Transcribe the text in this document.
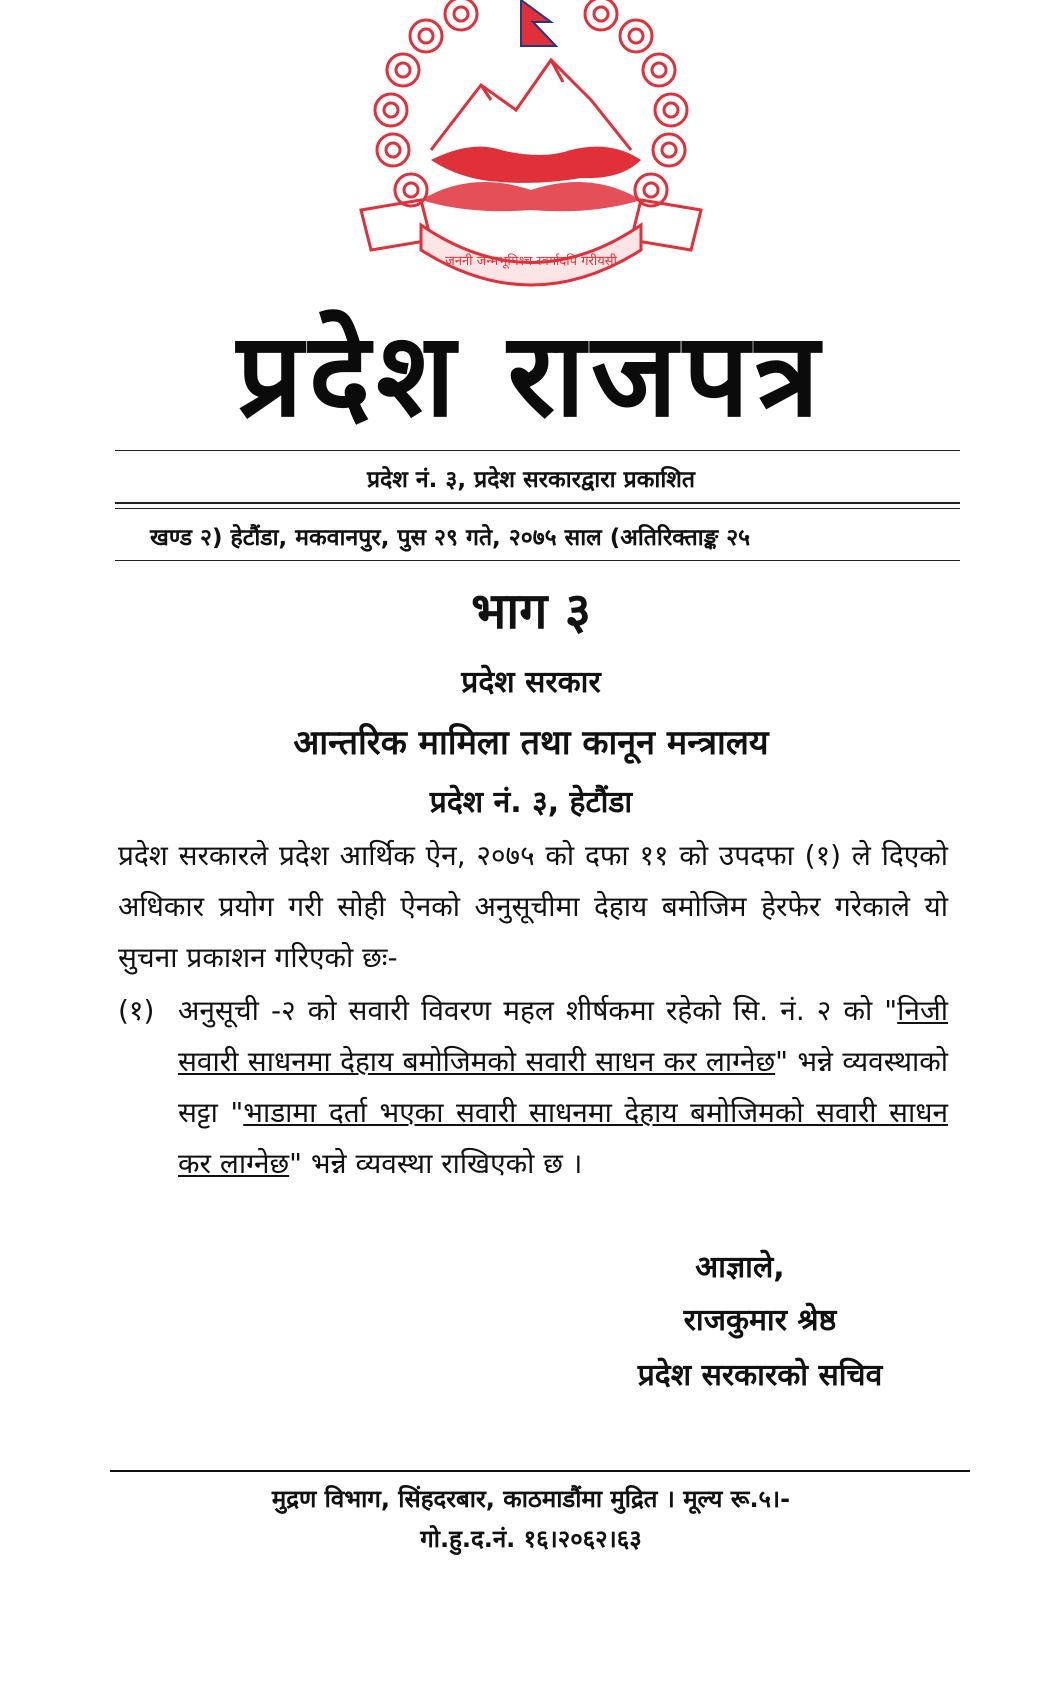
जननी जन्मभूमिश्च स्वर्गादपि गरीयसी
प्रदेश राजपत्र
प्रदेश नं. ३, प्रदेश सरकारद्वारा प्रकाशित
खण्ड २) हेटौंडा, मकवानपुर, पुस २९ गते, २०७५ साल (अतिरिक्ताङ्क २५
भाग ३
प्रदेश सरकार
आन्तरिक मामिला तथा कानून मन्त्रालय
प्रदेश नं. ३, हेटौंडा
प्रदेश सरकारले प्रदेश आर्थिक ऐन, २०७५ को दफा ११ को उपदफा (१) ले दिएको अधिकार प्रयोग गरी सोही ऐनको अनुसूचीमा देहाय बमोजिम हेरफेर गरेकाले यो सुचना प्रकाशन गरिएको छः-
(१) अनुसूची -२ को सवारी विवरण महल शीर्षकमा रहेको सि. नं. २ को "निजी सवारी साधनमा देहाय बमोजिमको सवारी साधन कर लाग्नेछ" भन्ने व्यवस्थाको सट्टा "भाडामा दर्ता भएका सवारी साधनमा देहाय बमोजिमको सवारी साधन कर लाग्नेछ" भन्ने व्यवस्था राखिएको छ ।
आज्ञाले,
राजकुमार श्रेष्ठ
प्रदेश सरकारको सचिव
मुद्रण विभाग, सिंहदरबार, काठमाडौंमा मुद्रित । मूल्य रू.५।-
गो.हु.द.नं. १६।२०६२।६३
